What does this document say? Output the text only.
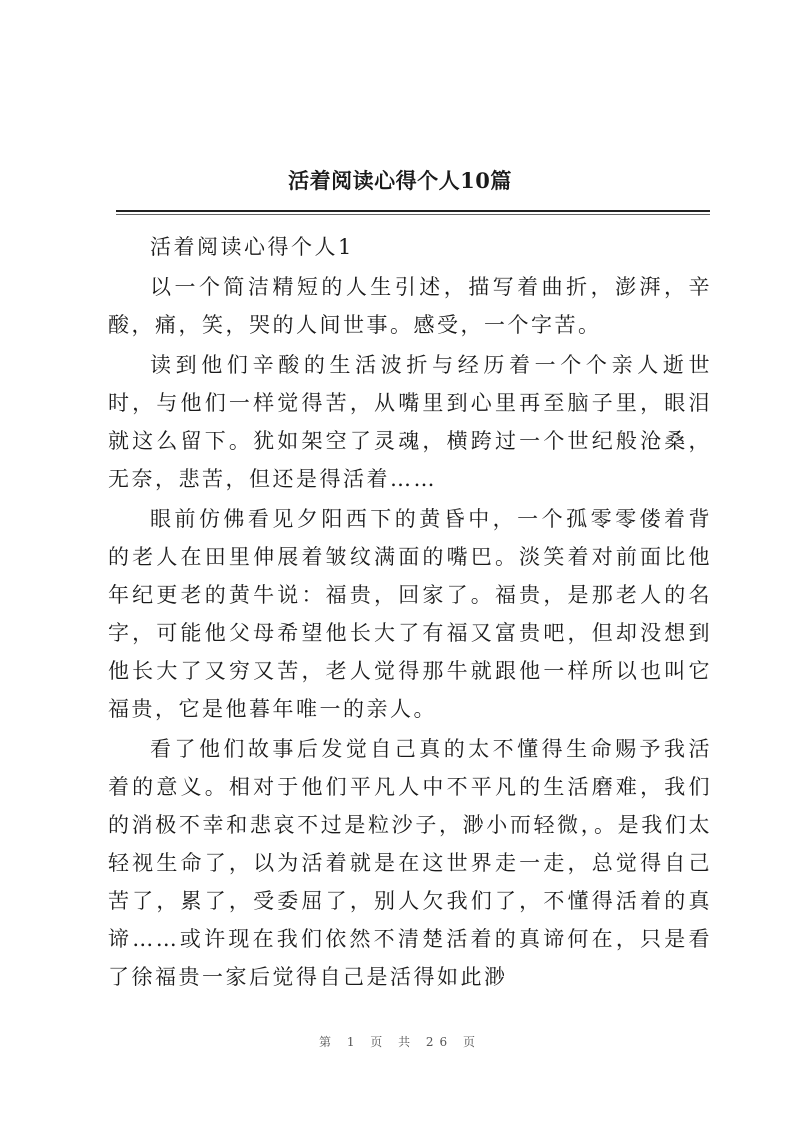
活着阅读心得个人10篇

活着阅读心得个人1

以一个简洁精短的人生引述，描写着曲折，澎湃，辛酸，痛，笑，哭的人间世事。感受，一个字苦。

读到他们辛酸的生活波折与经历着一个个亲人逝世时，与他们一样觉得苦，从嘴里到心里再至脑子里，眼泪就这么留下。犹如架空了灵魂，横跨过一个世纪般沧桑，无奈，悲苦，但还是得活着……

眼前仿佛看见夕阳西下的黄昏中，一个孤零零偻着背的老人在田里伸展着皱纹满面的嘴巴。淡笑着对前面比他年纪更老的黄牛说：福贵，回家了。福贵，是那老人的名字，可能他父母希望他长大了有福又富贵吧，但却没想到他长大了又穷又苦，老人觉得那牛就跟他一样所以也叫它福贵，它是他暮年唯一的亲人。

看了他们故事后发觉自己真的太不懂得生命赐予我活着的意义。相对于他们平凡人中不平凡的生活磨难，我们的消极不幸和悲哀不过是粒沙子，渺小而轻微，。是我们太轻视生命了，以为活着就是在这世界走一走，总觉得自己苦了，累了，受委屈了，别人欠我们了，不懂得活着的真谛……或许现在我们依然不清楚活着的真谛何在，只是看了徐福贵一家后觉得自己是活得如此渺

第 1 页 共 26 页
